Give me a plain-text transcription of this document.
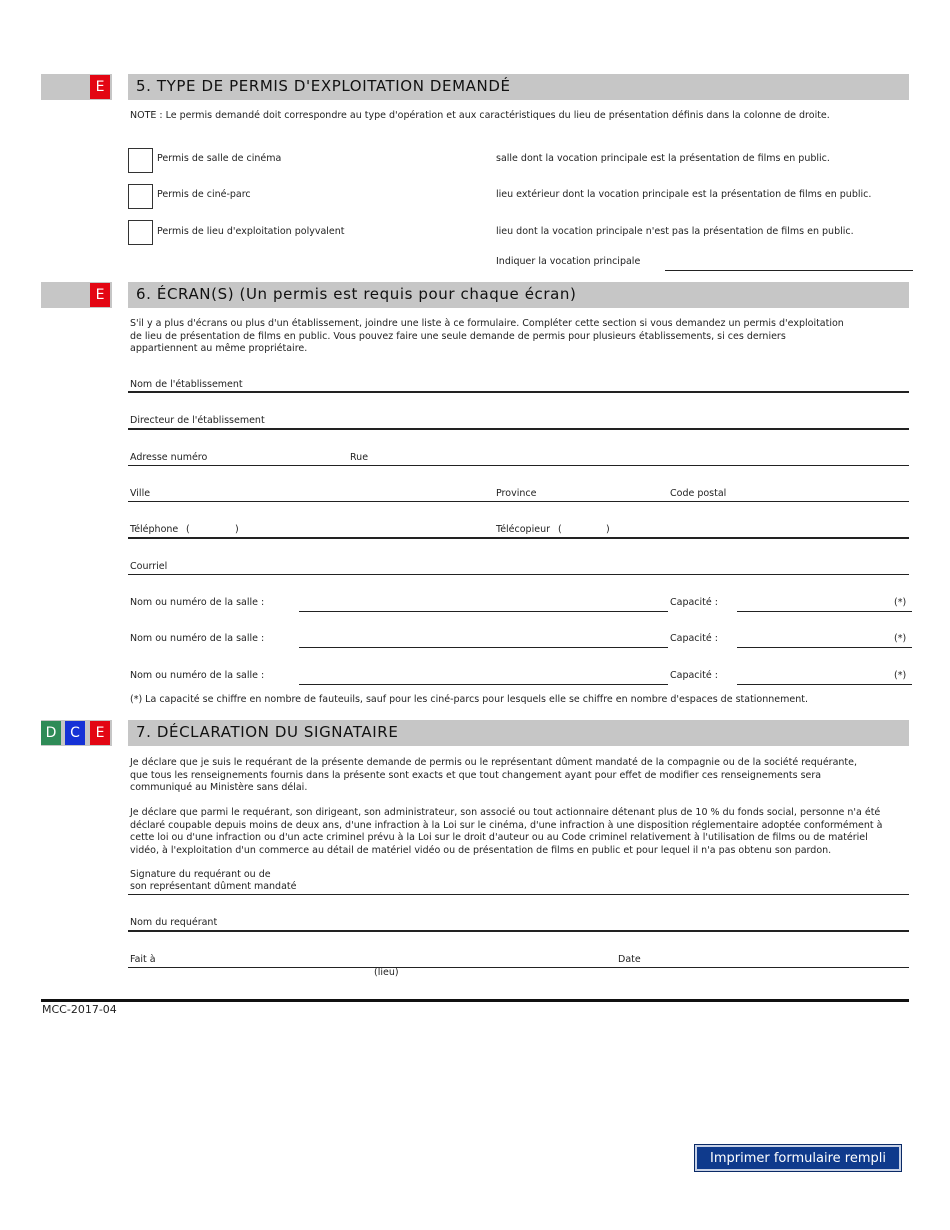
E	5. TYPE DE PERMIS D'EXPLOITATION DEMANDÉ
NOTE : Le permis demandé doit correspondre au type d'opération et aux caractéristiques du lieu de présentation définis dans la colonne de droite.
Permis de salle de cinéma	salle dont la vocation principale est la présentation de films en public.
Permis de ciné-parc	lieu extérieur dont la vocation principale est la présentation de films en public.
Permis de lieu d'exploitation polyvalent	lieu dont la vocation principale n'est pas la présentation de films en public.
Indiquer la vocation principale
E	6. ÉCRAN(S) (Un permis est requis pour chaque écran)
S'il y a plus d'écrans ou plus d'un établissement, joindre une liste à ce formulaire. Compléter cette section si vous demandez un permis d'exploitation de lieu de présentation de films en public. Vous pouvez faire une seule demande de permis pour plusieurs établissements, si ces derniers appartiennent au même propriétaire.
Nom de l'établissement
Directeur de l'établissement
Adresse numéro	Rue
Ville	Province	Code postal
Téléphone (	)	Télécopieur (	)
Courriel
Nom ou numéro de la salle :	Capacité :	(*)
Nom ou numéro de la salle :	Capacité :	(*)
Nom ou numéro de la salle :	Capacité :	(*)
(*) La capacité se chiffre en nombre de fauteuils, sauf pour les ciné-parcs pour lesquels elle se chiffre en nombre d'espaces de stationnement.
D C	E	7. DÉCLARATION DU SIGNATAIRE
Je déclare que je suis le requérant de la présente demande de permis ou le représentant dûment mandaté de la compagnie ou de la société requérante, que tous les renseignements fournis dans la présente sont exacts et que tout changement ayant pour effet de modifier ces renseignements sera communiqué au Ministère sans délai.
Je déclare que parmi le requérant, son dirigeant, son administrateur, son associé ou tout actionnaire détenant plus de 10 % du fonds social, personne n'a été déclaré coupable depuis moins de deux ans, d'une infraction à la Loi sur le cinéma, d'une infraction à une disposition réglementaire adoptée conformément à cette loi ou d'une infraction ou d'un acte criminel prévu à la Loi sur le droit d'auteur ou au Code criminel relativement à l'utilisation de films ou de matériel vidéo, à l'exploitation d'un commerce au détail de matériel vidéo ou de présentation de films en public et pour lequel il n'a pas obtenu son pardon.
Signature du requérant ou de
son représentant dûment mandaté
Nom du requérant
Fait à	Date
(lieu)
MCC-2017-04
Imprimer formulaire rempli
